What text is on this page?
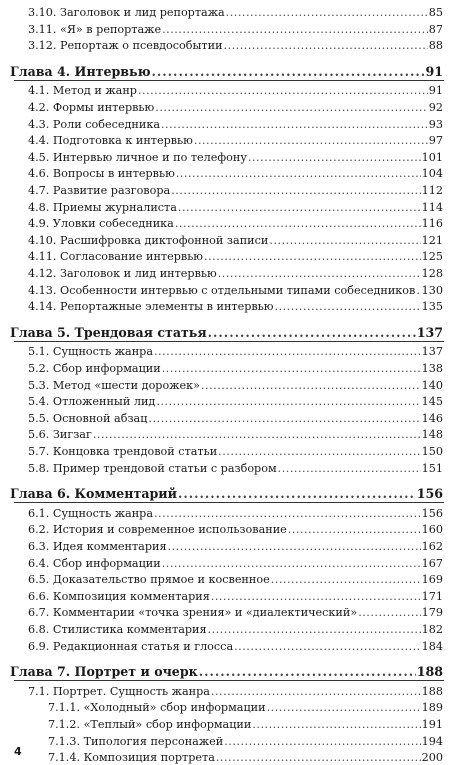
3.10. Заголовок и лид репортажа .....	85
3.11. «Я» в репортаже .....	87
3.12. Репортаж о псевдособытии .....	88
Глава 4. Интервью .....	91
4.1. Метод и жанр .....	91
4.2. Формы интервью .....	92
4.3. Роли собеседника .....	93
4.4. Подготовка к интервью .....	97
4.5. Интервью личное и по телефону .....	101
4.6. Вопросы в интервью .....	104
4.7. Развитие разговора .....	112
4.8. Приемы журналиста .....	114
4.9. Уловки собеседника .....	116
4.10. Расшифровка диктофонной записи .....	121
4.11. Согласование интервью .....	125
4.12. Заголовок и лид интервью .....	128
4.13. Особенности интервью с отдельными типами собеседников ..... 130
4.14. Репортажные элементы в интервью .....	135
Глава 5. Трендовая статья .....	137
5.1. Сущность жанра .....	137
5.2. Сбор информации .....	138
5.3. Метод «шести дорожек» .....	140
5.4. Отложенный лид .....	145
5.5. Основной абзац .....	146
5.6. Зигзаг .....	148
5.7. Концовка трендовой статьи .....	150
5.8. Пример трендовой статьи с разбором .....	151
Глава 6. Комментарий .....	156
6.1. Сущность жанра .....	156
6.2. История и современное использование .....	160
6.3. Идея комментария .....	162
6.4. Сбор информации .....	167
6.5. Доказательство прямое и косвенное .....	169
6.6. Композиция комментария .....	171
6.7. Комментарии «точка зрения» и «диалектический» .....	179
6.8. Стилистика комментария .....	182
6.9. Редакционная статья и глосса .....	184
Глава 7. Портрет и очерк .....	188
7.1. Портрет. Сущность жанра .....	188
7.1.1. «Холодный» сбор информации .....	189
7.1.2. «Теплый» сбор информации .....	191
7.1.3. Типология персонажей .....	194
7.1.4. Композиция портрета .....	200
4
